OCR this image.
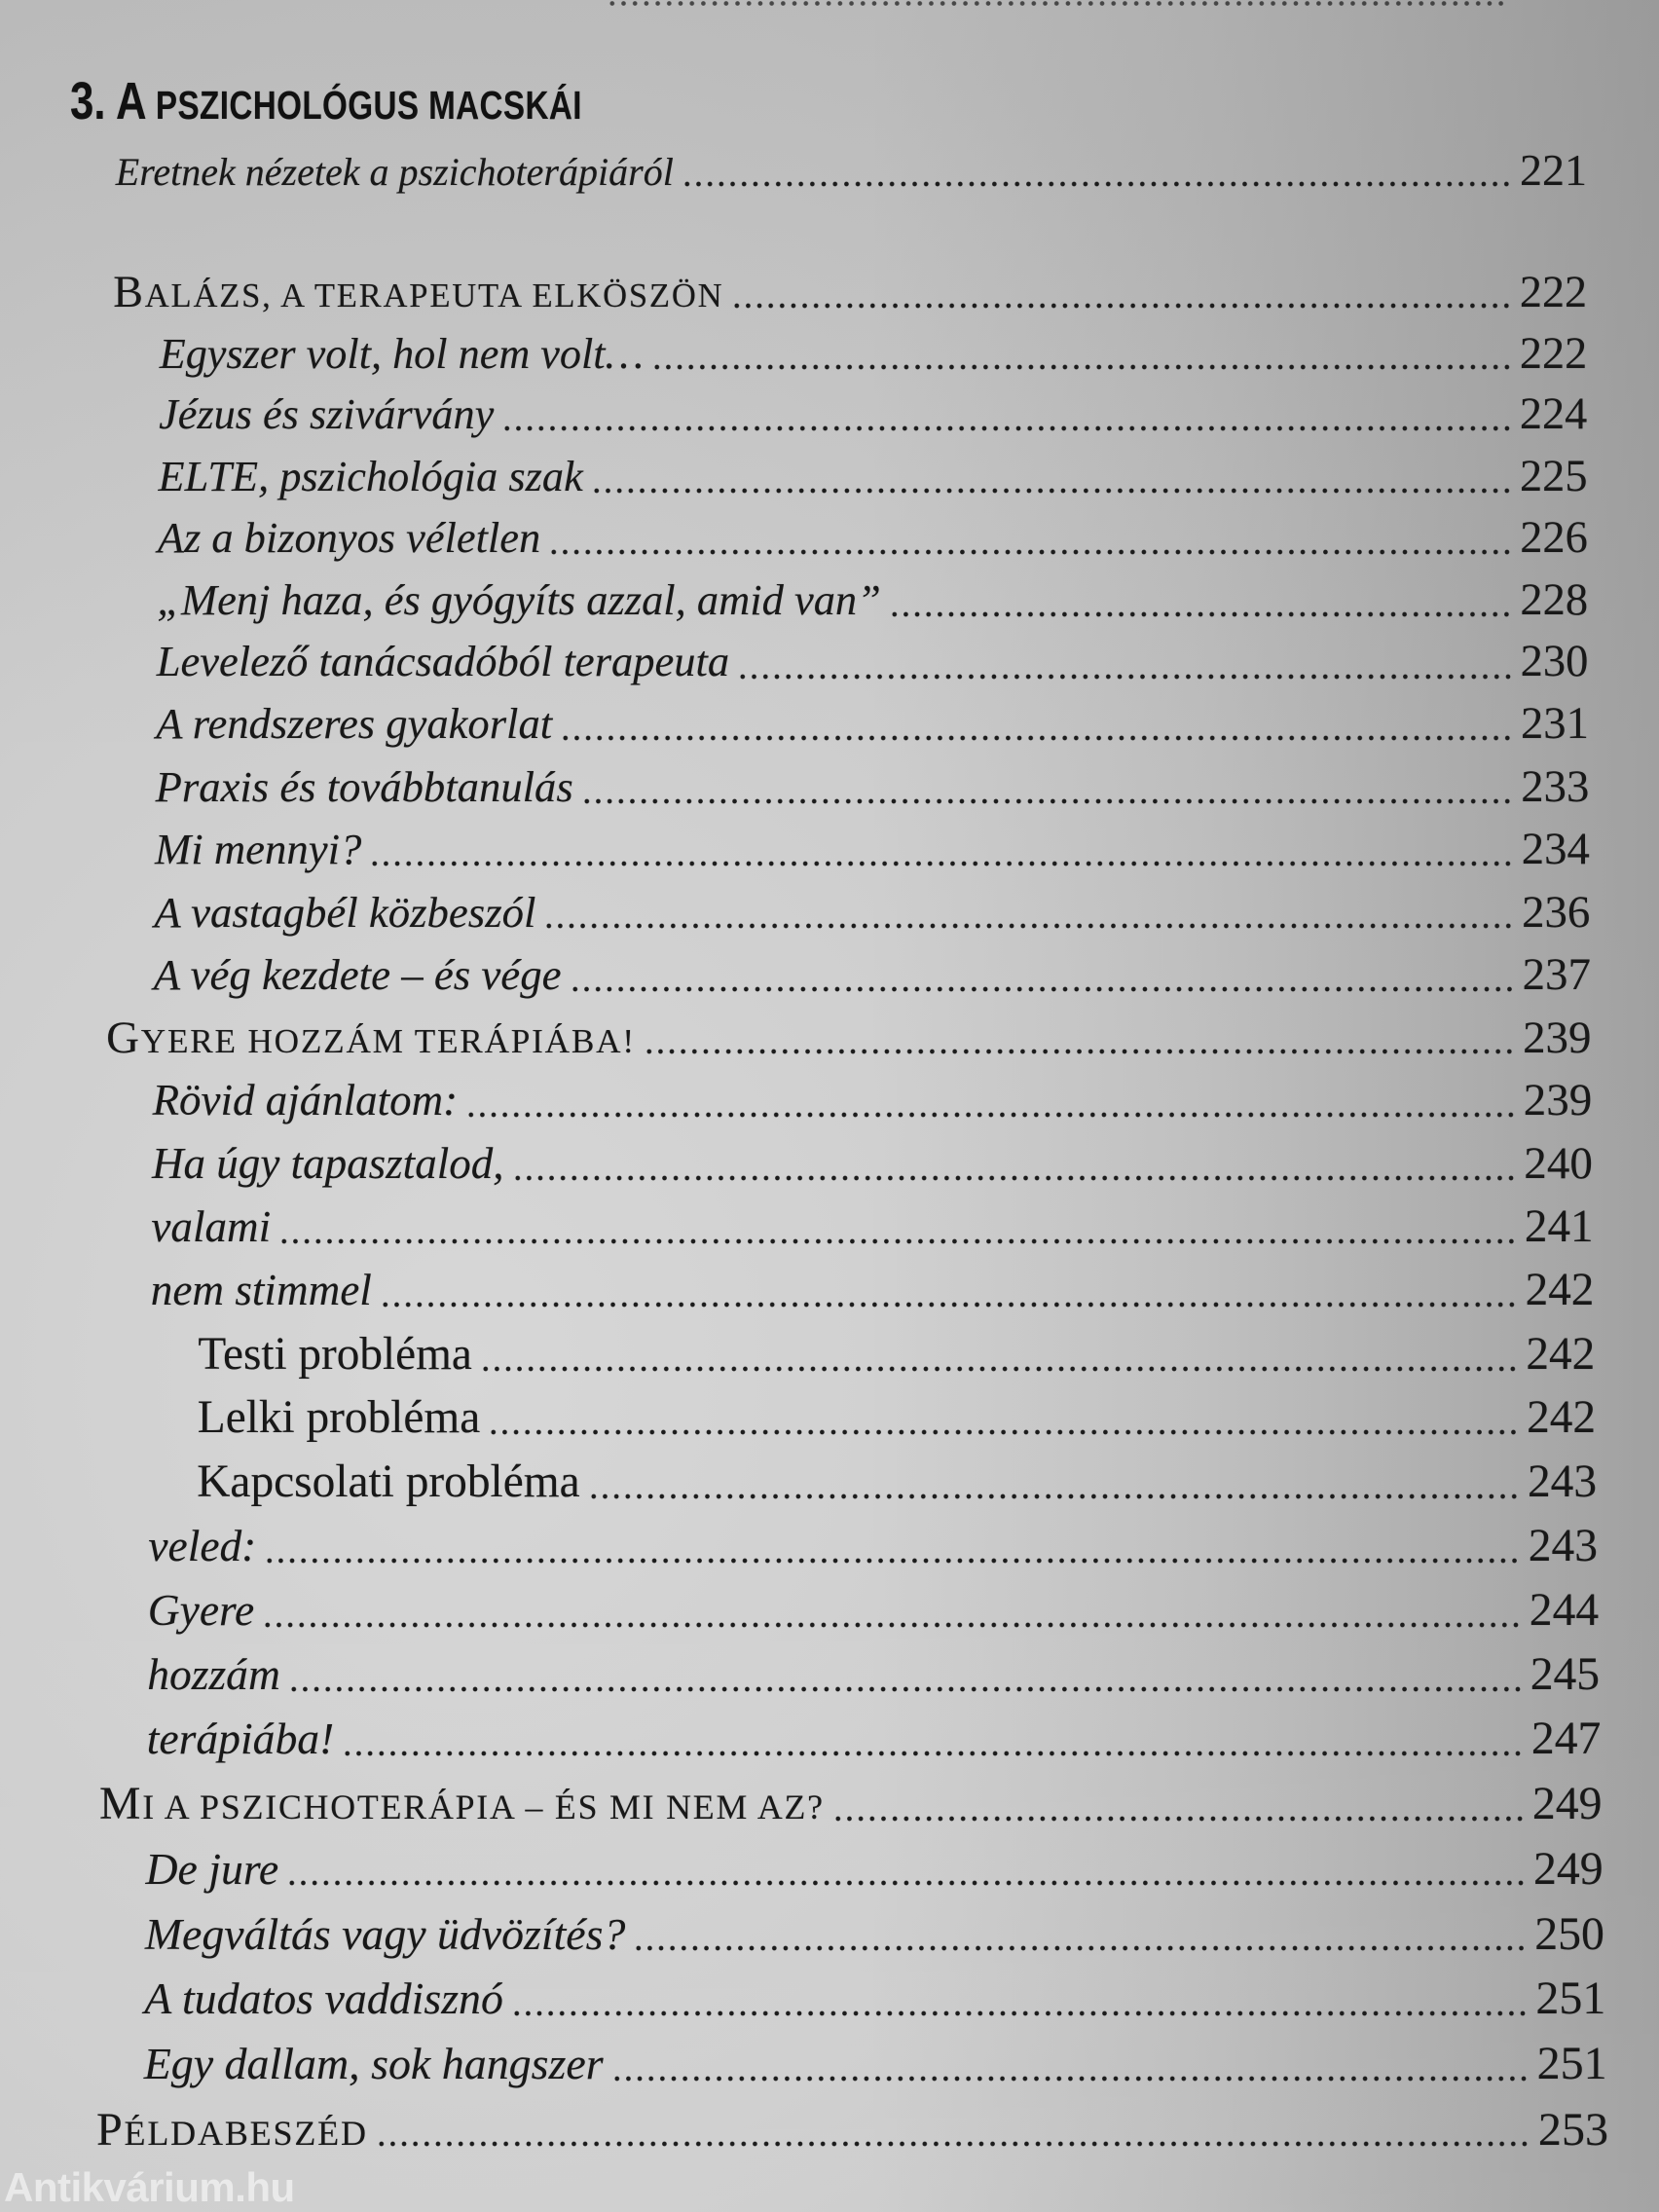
3. A PSZICHOLÓGUS MACSKÁI
Eretnek nézetek a pszichoterápiáról	221
BALÁZS, A TERAPEUTA ELKÖSZÖN	222
Egyszer volt, hol nem volt…	222
Jézus és szivárvány	224
ELTE, pszichológia szak	225
Az a bizonyos véletlen	226
„Menj haza, és gyógyíts azzal, amid van”	228
Levelező tanácsadóból terapeuta	230
A rendszeres gyakorlat	231
Praxis és továbbtanulás	233
Mi mennyi?	234
A vastagbél közbeszól	236
A vég kezdete – és vége	237
GYERE HOZZÁM TERÁPIÁBA!	239
Rövid ajánlatom:	239
Ha úgy tapasztalod,	240
valami	241
nem stimmel	242
Testi probléma	242
Lelki probléma	242
Kapcsolati probléma	243
veled:	243
Gyere	244
hozzám	245
terápiába!	247
MI A PSZICHOTERÁPIA – ÉS MI NEM AZ?	249
De jure	249
Megváltás vagy üdvözítés?	250
A tudatos vaddisznó	251
Egy dallam, sok hangszer	251
PÉLDABESZÉD	253
Antikvárium.hu
